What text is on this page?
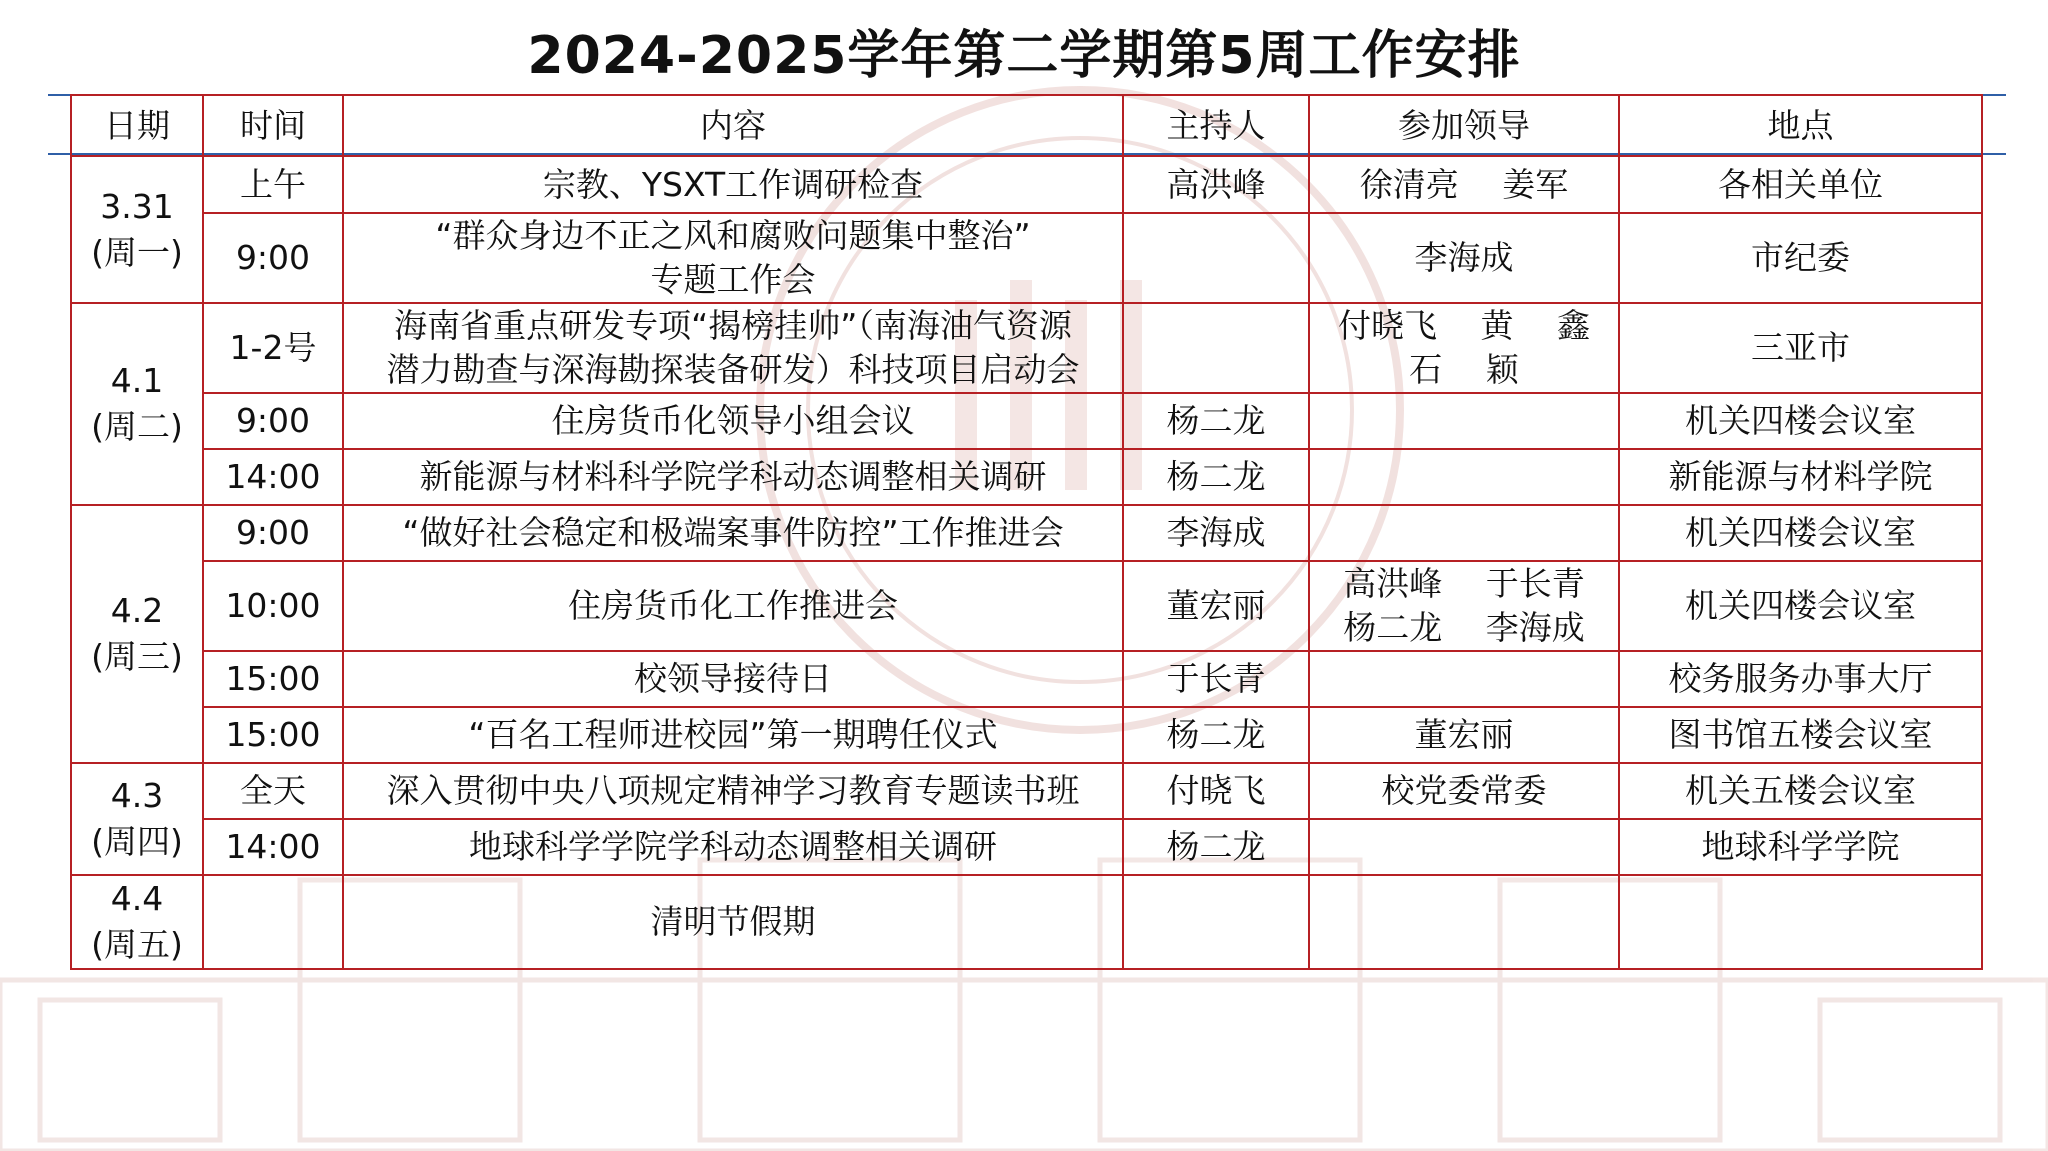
2024-2025学年第二学期第5周工作安排
日期	时间	内容	主持人	参加领导	地点

3.31
(周一)	上午	宗教、YSXT工作调研检查	高洪峰	徐清亮　 姜军	各相关单位
	9:00	“群众身边不正之风和腐败问题集中整治”
专题工作会		李海成	市纪委

4.1
(周二)	1-2号	海南省重点研发专项“揭榜挂帅”（南海油气资源
潜力勘查与深海勘探装备研发）科技项目启动会		付晓飞　 黄　 鑫
石　 颖	三亚市
	9:00	住房货币化领导小组会议	杨二龙		机关四楼会议室
	14:00	新能源与材料科学院学科动态调整相关调研	杨二龙		新能源与材料学院

4.2
(周三)	9:00	“做好社会稳定和极端案事件防控”工作推进会	李海成		机关四楼会议室
	10:00	住房货币化工作推进会	董宏丽	高洪峰　 于长青
杨二龙　 李海成	机关四楼会议室
	15:00	校领导接待日	于长青		校务服务办事大厅
	15:00	“百名工程师进校园”第一期聘任仪式	杨二龙	董宏丽	图书馆五楼会议室

4.3
(周四)	全天	深入贯彻中央八项规定精神学习教育专题读书班	付晓飞	校党委常委	机关五楼会议室
	14:00	地球科学学院学科动态调整相关调研	杨二龙		地球科学学院

4.4
(周五)		清明节假期			
